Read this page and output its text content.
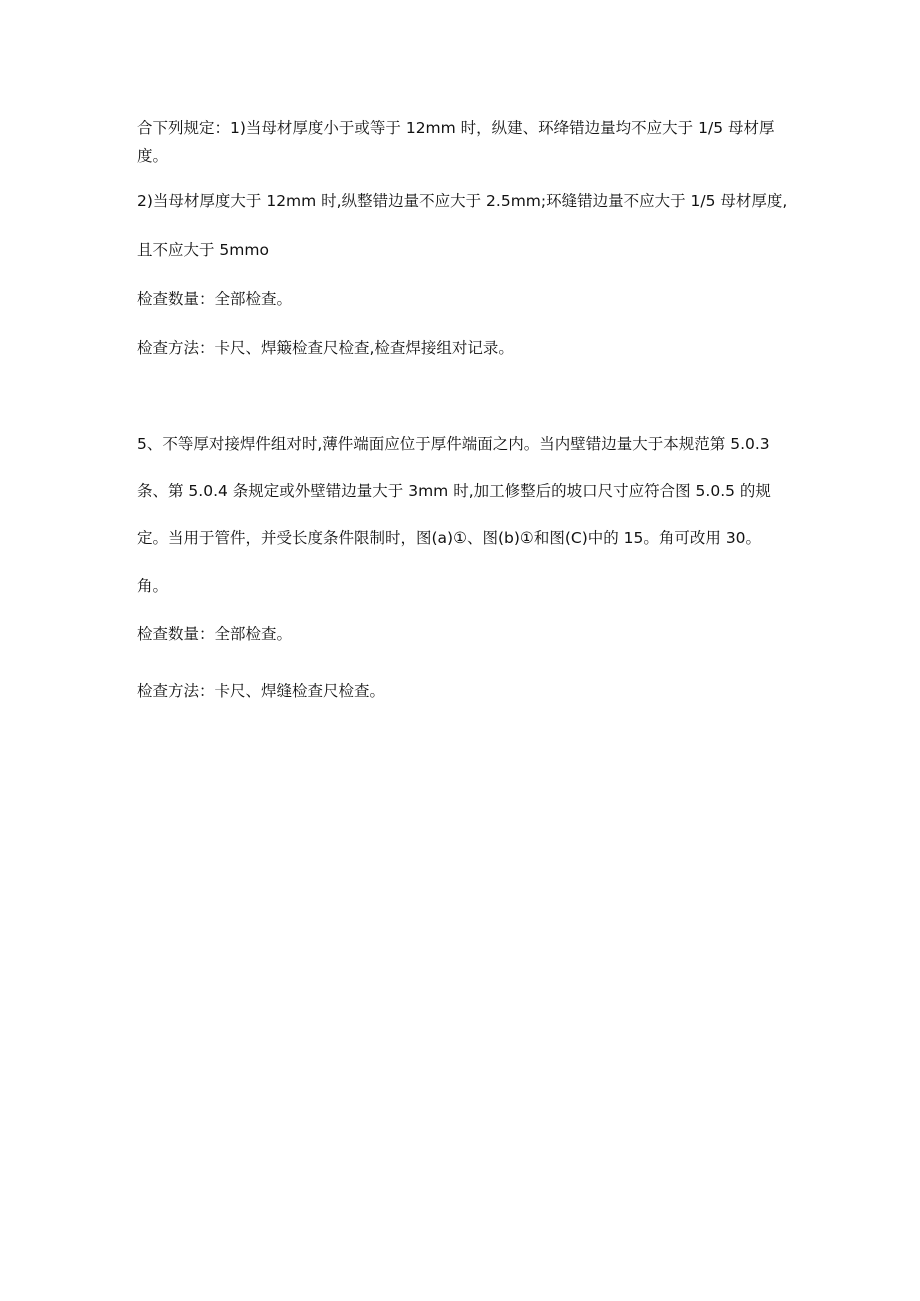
合下列规定：1)当母材厚度小于或等于 12mm 时，纵建、环绛错边量均不应大于 1/5 母材厚

度。

2)当母材厚度大于 12mm 时,纵整错边量不应大于 2.5mm;环缝错边量不应大于 1/5 母材厚度,

且不应大于 5mmo

检查数量：全部检查。

检查方法：卡尺、焊簸检查尺检查,检查焊接组对记录。

5、不等厚对接焊件组对时,薄件端面应位于厚件端面之内。当内壁错边量大于本规范第 5.0.3

条、第 5.0.4 条规定或外壁错边量大于 3mm 时,加工修整后的坡口尺寸应符合图 5.0.5 的规

定。当用于管件，并受长度条件限制时，图(a)①、图(b)①和图(C)中的 15。角可改用 30。

角。

检查数量：全部检查。

检查方法：卡尺、焊缝检查尺检查。
